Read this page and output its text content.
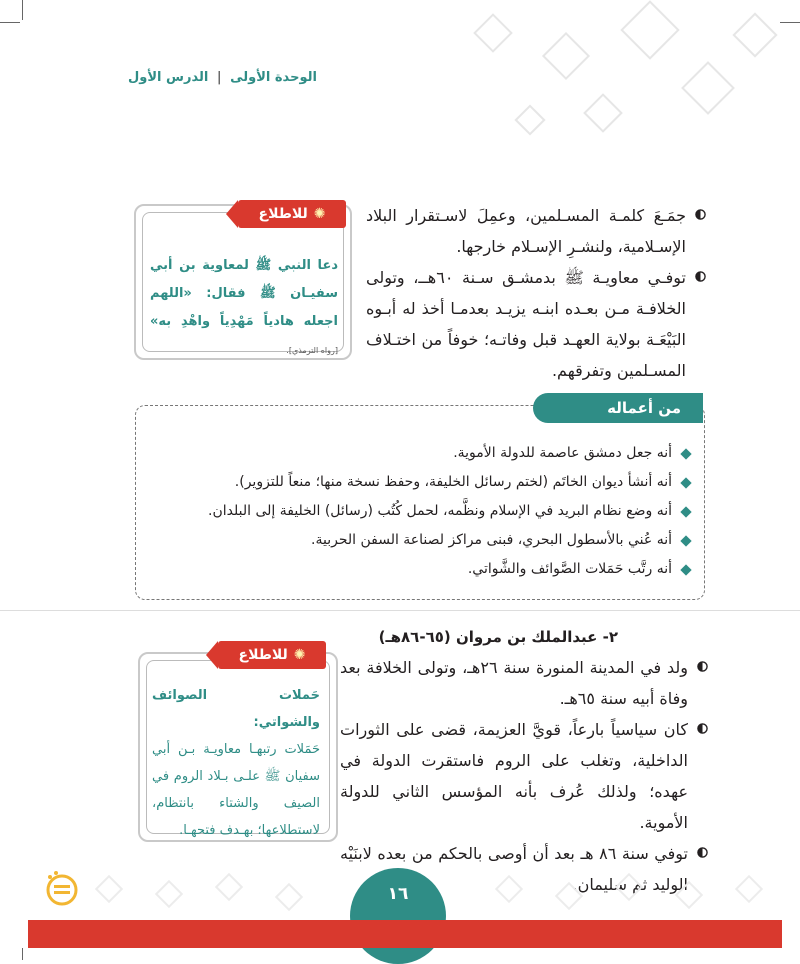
الوحدة الأولى | الدرس الأول
جمَـعَ كلمـة المسـلمين، وعمِلَ لاسـتقرار البلاد الإسـلامية، ولنشـرِ الإسـلام خارجها.
توفـي معاويـة ﷺ بدمشـق سـنة ٦٠هــ، وتولى الخلافـة مـن بعـده ابنـه يزيـد بعدمـا أخذ له أبـوه البَيْعَـة بولاية العهـد قبل وفاتـه؛ خوفاً من اختـلاف المسـلمين وتفرقهم.
✺
للاطلاع
دعا النبي ﷺ لمعاوية بن أبي سفيـان ﷺ فقال: «اللهم اجعله هادياً مَهْدِياً واهْدِ به» [رواه الترمذي].
من أعماله
أنه جعل دمشق عاصمة للدولة الأموية.
أنه أنشأ ديوان الخاتَم (لختم رسائل الخليفة، وحفظ نسخة منها؛ منعاً للتزوير).
أنه وضع نظام البريد في الإسلام ونظَّمه، لحمل كُتُب (رسائل) الخليفة إلى البلدان.
أنه عُني بالأسطول البحري، فبنى مراكز لصناعة السفن الحربية.
أنه رتَّب حَمَلات الصَّوائف والشَّواتي.
٢- عبدالملك بن مروان (٦٥-٨٦هـ)
ولد في المدينة المنورة سنة ٢٦هـ، وتولى الخلافة بعد وفاة أبيه سنة ٦٥هـ.
كان سياسياً بارعاً، قويَّ العزيمة، قضى على الثورات الداخلية، وتغلب على الروم فاستقرت الدولة في عهده؛ ولذلك عُرف بأنه المؤسس الثاني للدولة الأموية.
توفي سنة ٨٦ هـ بعد أن أوصى بالحكم من بعده لابنَيْه الوليد ثم سليمان.
✺
للاطلاع
حَملات الصوائف والشواتي:
حَمَلات رتبهـا معاويـة بـن أبي سفيان ﷺ علـى بـلاد الروم في الصيف والشتاء بانتظام، لاستطلاعها؛ بهـدف فتحهـا.
١٦
